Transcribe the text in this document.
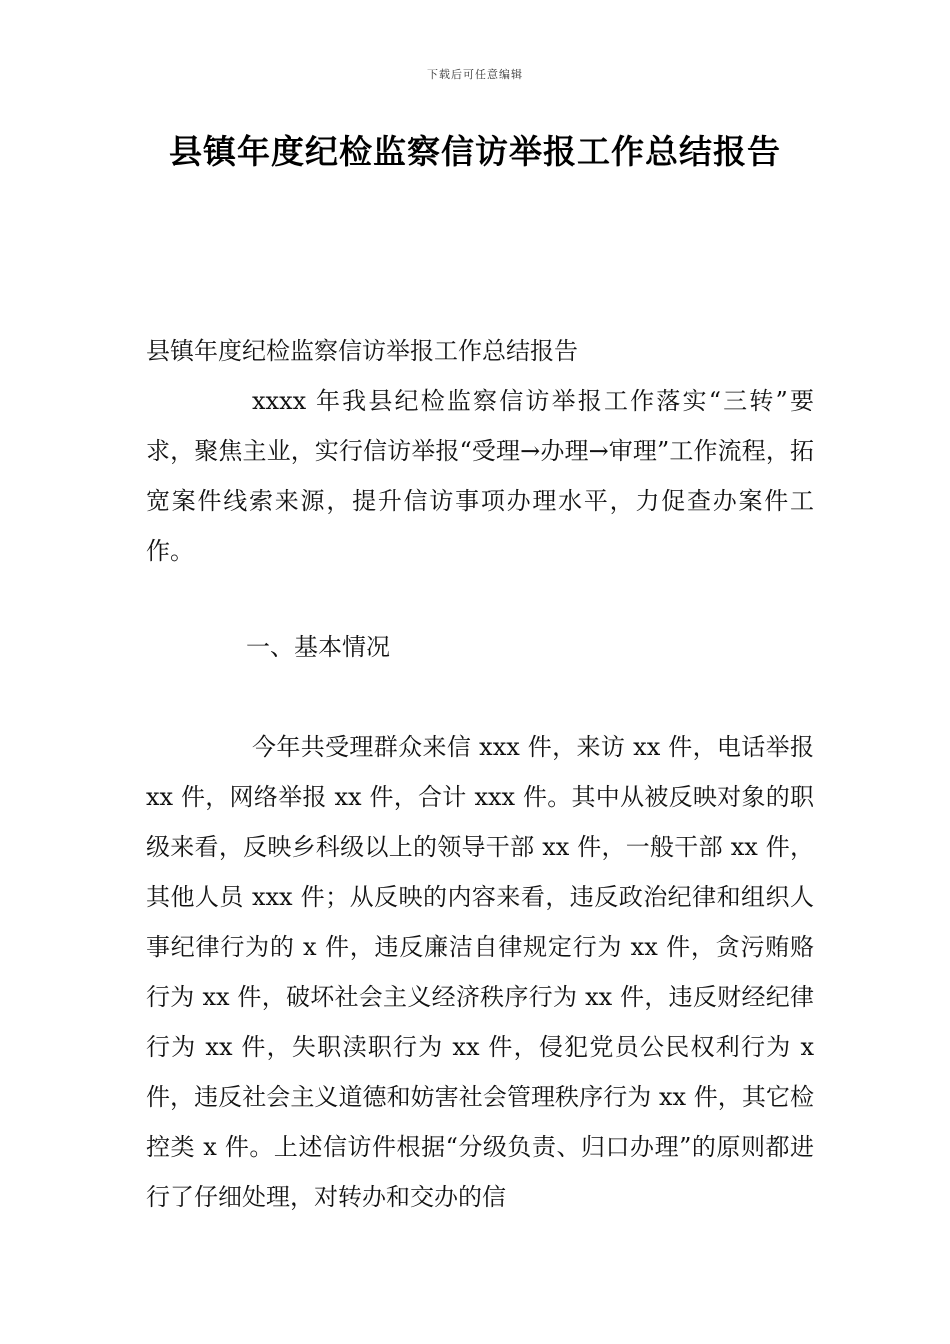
下载后可任意编辑
县镇年度纪检监察信访举报工作总结报告

县镇年度纪检监察信访举报工作总结报告

xxxx 年我县纪检监察信访举报工作落实“三转”要求，聚焦主业，实行信访举报“受理→办理→审理”工作流程，拓宽案件线索来源，提升信访事项办理水平，力促查办案件工作。

一、基本情况

今年共受理群众来信 xxx 件，来访 xx 件，电话举报 xx 件，网络举报 xx 件，合计 xxx 件。其中从被反映对象的职级来看，反映乡科级以上的领导干部 xx 件，一般干部 xx 件，其他人员 xxx 件；从反映的内容来看，违反政治纪律和组织人事纪律行为的 x 件，违反廉洁自律规定行为 xx 件，贪污贿赂行为 xx 件，破坏社会主义经济秩序行为 xx 件，违反财经纪律行为 xx 件，失职渎职行为 xx 件，侵犯党员公民权利行为 x 件，违反社会主义道德和妨害社会管理秩序行为 xx 件，其它检控类 x 件。上述信访件根据“分级负责、归口办理”的原则都进行了仔细处理，对转办和交办的信
